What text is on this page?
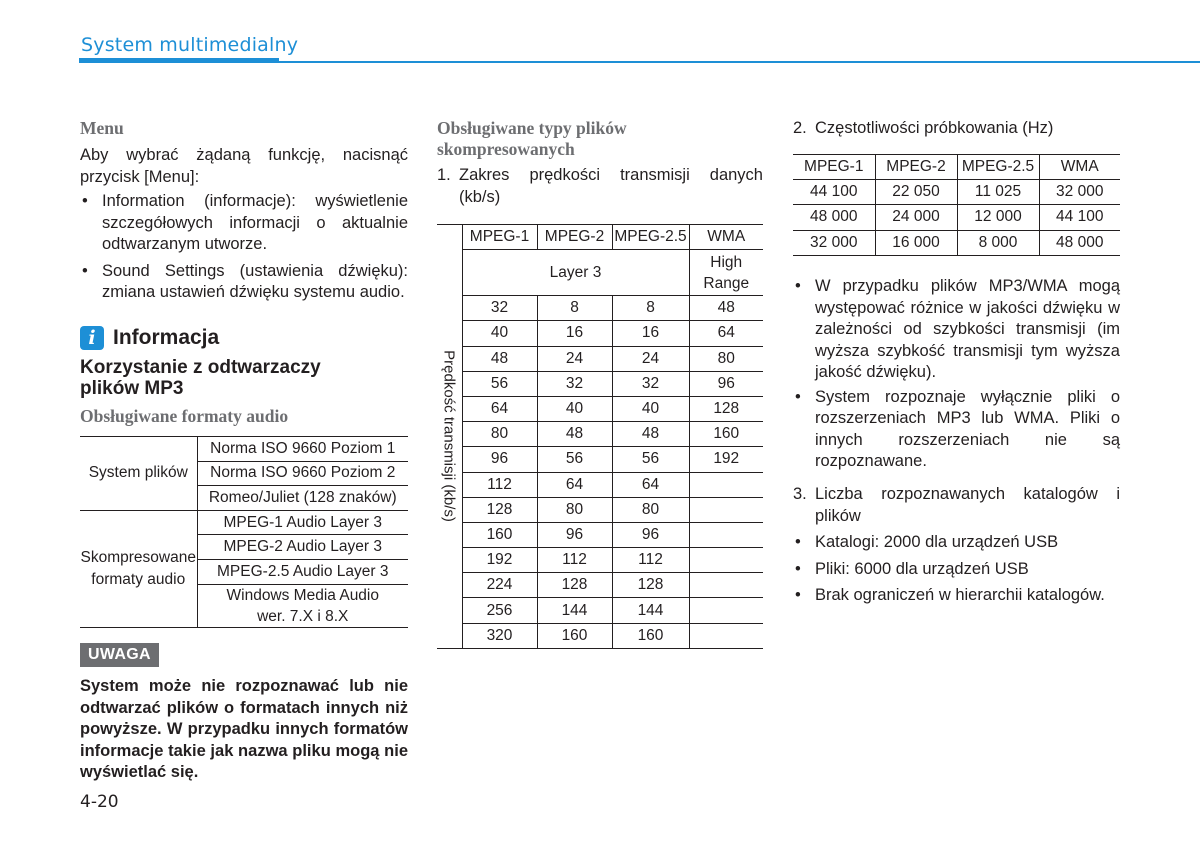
System multimedialny
Menu
Aby wybrać żądaną funkcję, nacisnąć przycisk [Menu]:
• Information (informacje): wyświetlenie szczegółowych informacji o aktualnie odtwarzanym utworze.
• Sound Settings (ustawienia dźwięku): zmiana ustawień dźwięku systemu audio.
i Informacja
Korzystanie z odtwarzaczy
plików MP3
Obsługiwane formaty audio
System plików	Norma ISO 9660 Poziom 1
	Norma ISO 9660 Poziom 2
	Romeo/Juliet (128 znaków)

Skompresowane
formaty audio	MPEG-1 Audio Layer 3
	MPEG-2 Audio Layer 3
	MPEG-2.5 Audio Layer 3

	Windows Media Audio
wer. 7.X i 8.X
UWAGA
System może nie rozpoznawać lub nie odtwarzać plików o formatach innych niż powyższe. W przypadku innych formatów informacje takie jak nazwa pliku mogą nie wyświetlać się.
Obsługiwane typy plików
skompresowanych
1. Zakres prędkości transmisji danych
(kb/s)
Prędkość transmisji (kb/s)	MPEG-1	MPEG-2	MPEG-2.5	WMA
	Layer 3			High
Range

	32	8	8	48
	40	16	16	64
	48	24	24	80
	56	32	32	96
	64	40	40	128
	80	48	48	160
	96	56	56	192
	112	64	64	
	128	80	80	
	160	96	96	
	192	112	112	
	224	128	128	
	256	144	144	
	320	160	160	
2. Częstotliwości próbkowania (Hz)
MPEG-1	MPEG-2	MPEG-2.5	WMA
44 100	22 050	11 025	32 000
48 000	24 000	12 000	44 100
32 000	16 000	8 000	48 000
• W przypadku plików MP3/WMA mogą występować różnice w jakości dźwięku w zależności od szybkości transmisji (im wyższa szybkość transmisji tym wyższa jakość dźwięku).
• System rozpoznaje wyłącznie pliki o rozszerzeniach MP3 lub WMA. Pliki o innych rozszerzeniach nie są rozpoznawane.
3. Liczba rozpoznawanych katalogów i plików
• Katalogi: 2000 dla urządzeń USB
• Pliki: 6000 dla urządzeń USB
• Brak ograniczeń w hierarchii katalogów.
4-20
